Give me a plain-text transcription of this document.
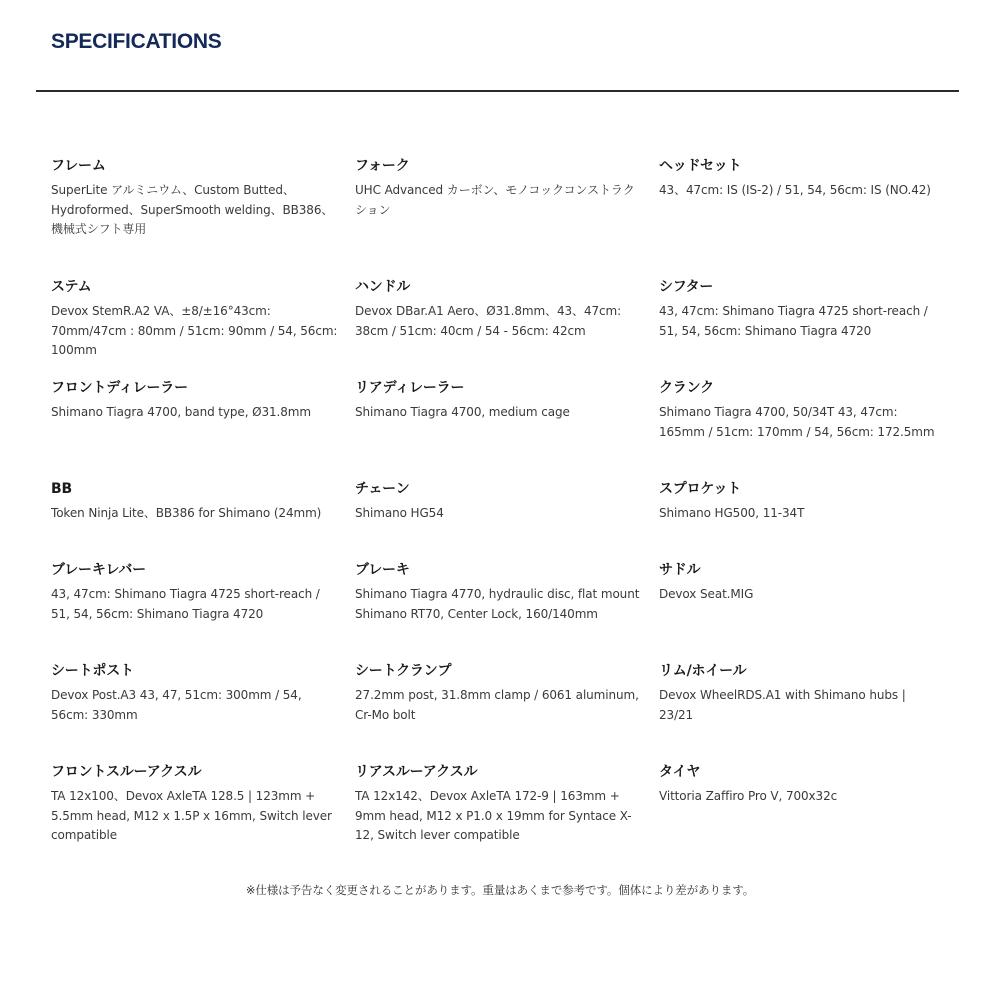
SPECIFICATIONS
フレーム

SuperLite アルミニウム、Custom Butted、Hydroformed、SuperSmooth welding、BB386、機械式シフト専用

フォーク

UHC Advanced カーボン、モノコックコンストラクション

ヘッドセット

43、47cm: IS (IS-2) / 51, 54, 56cm: IS (NO.42)

ステム

Devox StemR.A2 VA、±8/±16°43cm: 70mm/47cm : 80mm / 51cm: 90mm / 54, 56cm: 100mm

ハンドル

Devox DBar.A1 Aero、Ø31.8mm、43、47cm: 38cm / 51cm: 40cm / 54 - 56cm: 42cm

シフター

43, 47cm: Shimano Tiagra 4725 short-reach / 51, 54, 56cm: Shimano Tiagra 4720

フロントディレーラー

Shimano Tiagra 4700, band type, Ø31.8mm

リアディレーラー

Shimano Tiagra 4700, medium cage

クランク

Shimano Tiagra 4700, 50/34T 43, 47cm: 165mm / 51cm: 170mm / 54, 56cm: 172.5mm

BB

Token Ninja Lite、BB386 for Shimano (24mm)

チェーン

Shimano HG54

スプロケット

Shimano HG500, 11-34T

ブレーキレバー

43, 47cm: Shimano Tiagra 4725 short-reach / 51, 54, 56cm: Shimano Tiagra 4720

ブレーキ

Shimano Tiagra 4770, hydraulic disc, flat mount Shimano RT70, Center Lock, 160/140mm

サドル

Devox Seat.MIG

シートポスト

Devox Post.A3 43, 47, 51cm: 300mm / 54, 56cm: 330mm

シートクランプ

27.2mm post, 31.8mm clamp / 6061 aluminum, Cr-Mo bolt

リム/ホイール

Devox WheelRDS.A1 with Shimano hubs | 23/21

フロントスルーアクスル

TA 12x100、Devox AxleTA 128.5 | 123mm + 5.5mm head, M12 x 1.5P x 16mm, Switch lever compatible

リアスルーアクスル

TA 12x142、Devox AxleTA 172-9 | 163mm + 9mm head, M12 x P1.0 x 19mm for Syntace X-12, Switch lever compatible

タイヤ

Vittoria Zaffiro Pro V, 700x32c

※仕様は予告なく変更されることがあります。重量はあくまで参考です。個体により差があります。
